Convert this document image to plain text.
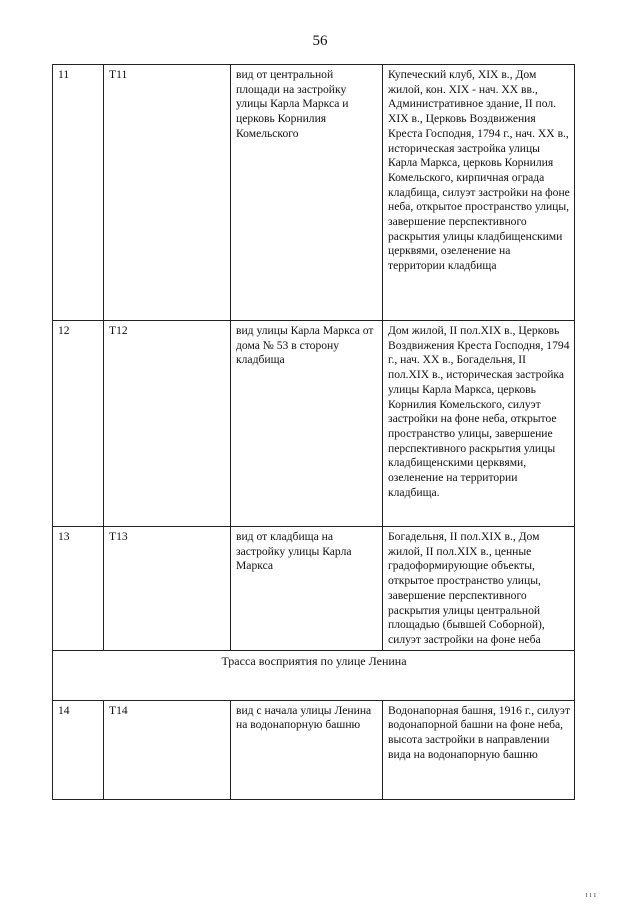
56
11	Т11	вид от центральной площади на застройку улицы Карла Маркса и церковь Корнилия Комельского	Купеческий клуб, XIX в., Дом жилой, кон. XIX - нач. XX вв., Административное здание, II пол. XIX в., Церковь Воздвижения Креста Господня, 1794 г., нач. XX в., историческая застройка улицы Карла Маркса, церковь Корнилия Комельского, кирпичная ограда кладбища, силуэт застройки на фоне неба, открытое пространство улицы, завершение перспективного раскрытия улицы кладбищенскими церквями, озеленение на территории кладбища
12	Т12	вид улицы Карла Маркса от дома № 53 в сторону кладбища	Дом жилой, II пол.XIX в., Церковь Воздвижения Креста Господня, 1794 г., нач. XX в., Богадельня, II пол.XIX в., историческая застройка улицы Карла Маркса, церковь Корнилия Комельского, силуэт застройки на фоне неба, открытое пространство улицы, завершение перспективного раскрытия улицы кладбищенскими церквями, озеленение на территории кладбища.
13	Т13	вид от кладбища на застройку улицы Карла Маркса	Богадельня, II пол.XIX в., Дом жилой, II пол.XIX в., ценные градоформирующие объекты, открытое пространство улицы, завершение перспективного раскрытия улицы центральной площадью (бывшей Соборной), силуэт застройки на фоне неба
Трасса восприятия по улице Ленина			
14	Т14	вид с начала улицы Ленина на водонапорную башню	Водонапорная башня, 1916 г., силуэт водонапорной башни на фоне неба, высота застройки в направлении вида на водонапорную башню
ııı
